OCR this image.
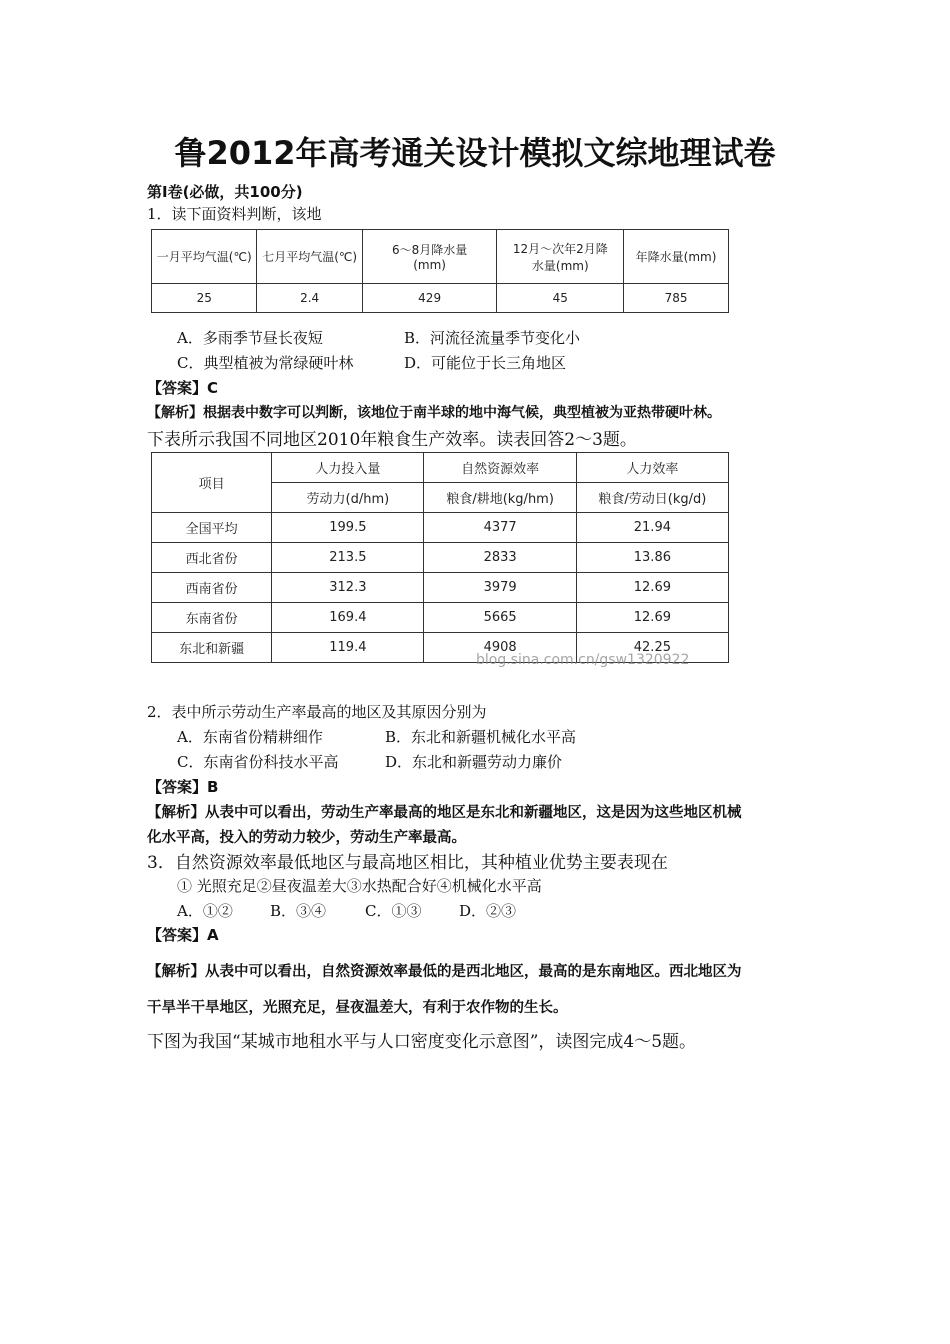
鲁2012年高考通关设计模拟文综地理试卷
第Ⅰ卷(必做，共100分)
1．读下面资料判断，该地
一月平均气温(℃)	七月平均气温(℃)	6～8月降水量(mm)	12月～次年2月降水量(mm)	年降水量(mm)
25	2.4	429	45	785
A．多雨季节昼长夜短	B．河流径流量季节变化小
C．典型植被为常绿硬叶林	D．可能位于长三角地区
【答案】C
【解析】根据表中数字可以判断，该地位于南半球的地中海气候，典型植被为亚热带硬叶林。
下表所示我国不同地区2010年粮食生产效率。读表回答2～3题。
项目	人力投入量	自然资源效率	人力效率
	劳动力(d/hm)	粮食/耕地(kg/hm)	粮食/劳动日(kg/d)
全国平均	199.5	4377	21.94
西北省份	213.5	2833	13.86
西南省份	312.3	3979	12.69
东南省份	169.4	5665	12.69
东北和新疆	119.4	4908	42.25
blog.sina.com.cn/gsw1320922
2．表中所示劳动生产率最高的地区及其原因分别为
A．东南省份精耕细作	B．东北和新疆机械化水平高
C．东南省份科技水平高	D．东北和新疆劳动力廉价
【答案】B
【解析】从表中可以看出，劳动生产率最高的地区是东北和新疆地区，这是因为这些地区机械
化水平高，投入的劳动力较少，劳动生产率最高。
3．自然资源效率最低地区与最高地区相比，其种植业优势主要表现在
① 光照充足②昼夜温差大③水热配合好④机械化水平高
A．①② B．③④	C．①③	D．②③
【答案】A
【解析】从表中可以看出，自然资源效率最低的是西北地区，最高的是东南地区。西北地区为
干旱半干旱地区，光照充足，昼夜温差大，有利于农作物的生长。
下图为我国“某城市地租水平与人口密度变化示意图”，读图完成4～5题。
